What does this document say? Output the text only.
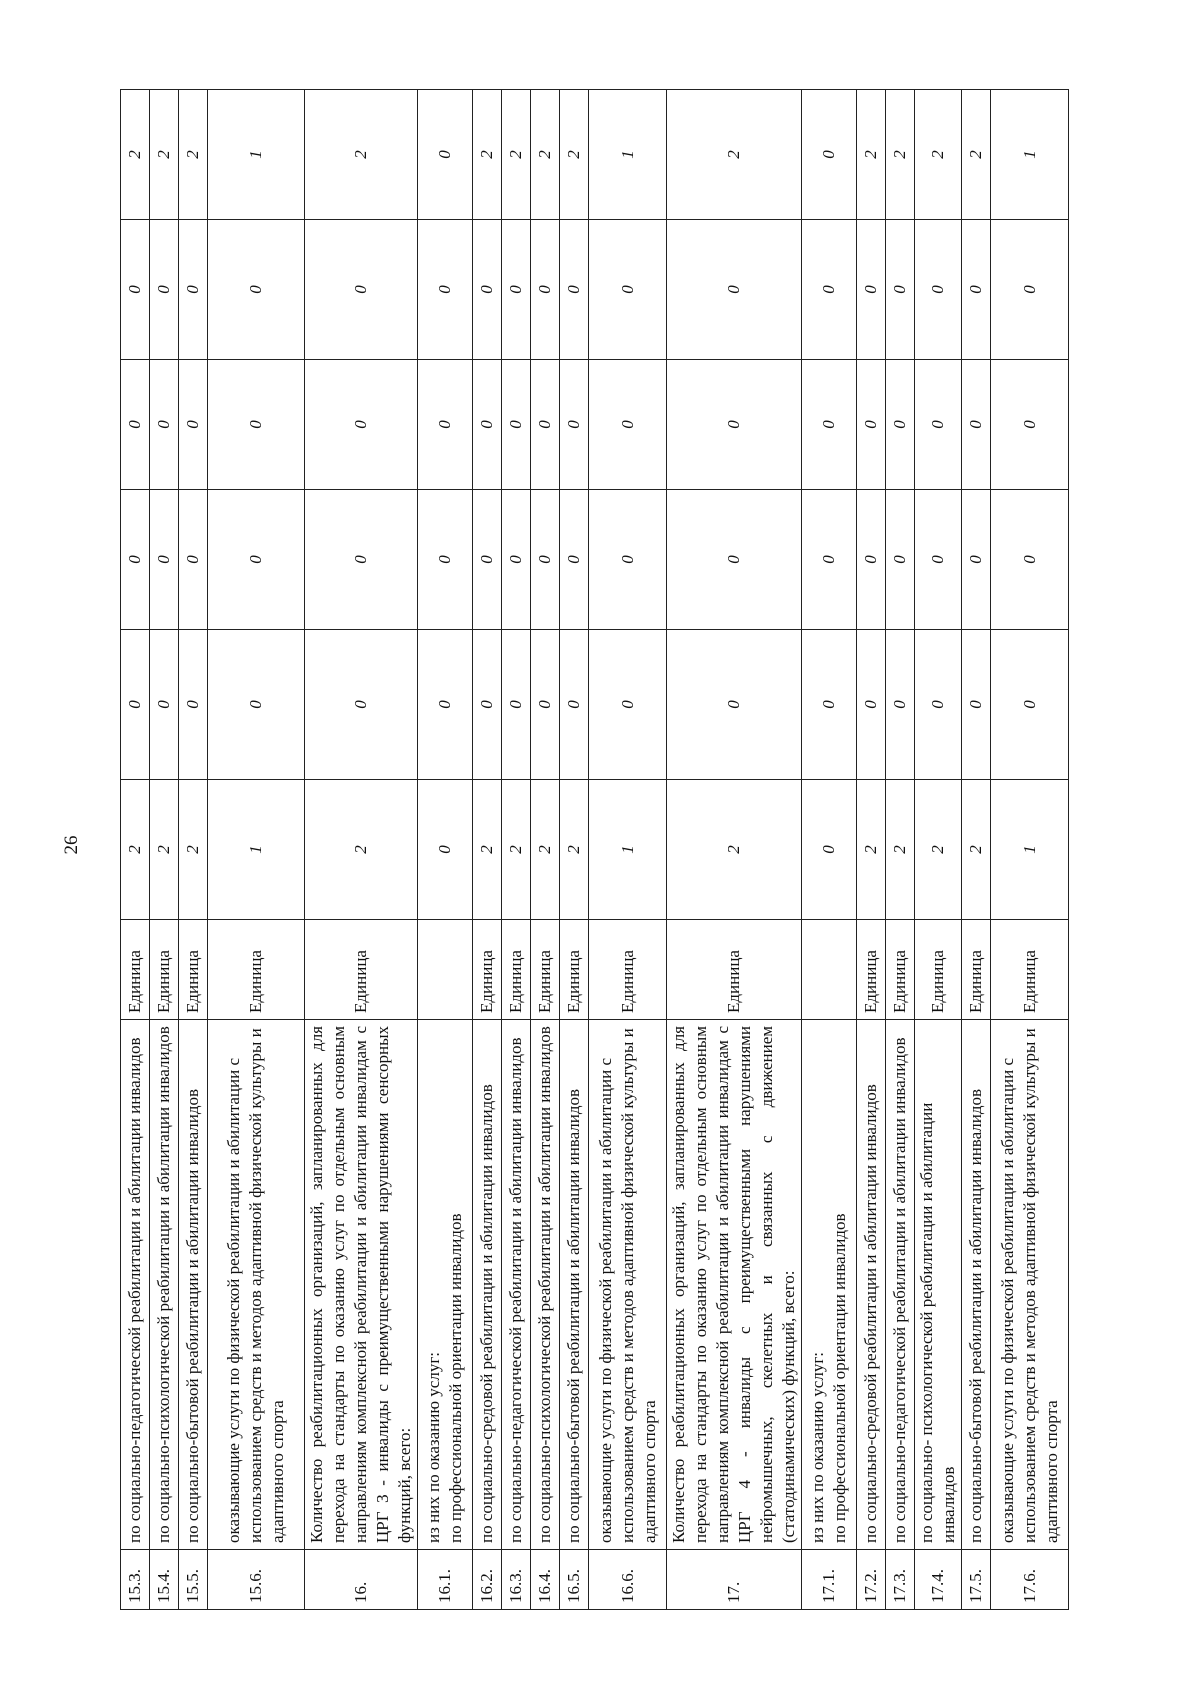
26
15.3.	по социально-педагогической реабилитации и абилитации инвалидов	Единица	2	0	0	0	0	2
15.4.	по социально-психологической реабилитации и абилитации инвалидов	Единица	2	0	0	0	0	2
15.5.	по социально-бытовой реабилитации и абилитации инвалидов	Единица	2	0	0	0	0	2
15.6.	оказывающие услуги по физической реабилитации и абилитации с использованием средств и методов адаптивной физической культуры и адаптивного спорта	Единица	1	0	0	0	0	1
16.	Количество реабилитационных организаций, запланированных для перехода на стандарты по оказанию услуг по отдельным основным направлениям комплексной реабилитации и абилитации инвалидам с ЦРГ 3 - инвалиды с преимущественными нарушениями сенсорных функций, всего:	Единица	2	0	0	0	0	2
16.1.	из них по оказанию услуг: по профессиональной ориентации инвалидов		0	0	0	0	0	0
16.2.	по социально-средовой реабилитации и абилитации инвалидов	Единица	2	0	0	0	0	2
16.3.	по социально-педагогической реабилитации и абилитации инвалидов	Единица	2	0	0	0	0	2
16.4.	по социально-психологической реабилитации и абилитации инвалидов	Единица	2	0	0	0	0	2
16.5.	по социально-бытовой реабилитации и абилитации инвалидов	Единица	2	0	0	0	0	2
16.6.	оказывающие услуги по физической реабилитации и абилитации с использованием средств и методов адаптивной физической культуры и адаптивного спорта	Единица	1	0	0	0	0	1
17.	Количество реабилитационных организаций, запланированных для перехода на стандарты по оказанию услуг по отдельным основным направлениям комплексной реабилитации и абилитации инвалидам с ЦРГ 4 - инвалиды с преимущественными нарушениями нейромышечных, скелетных и связанных с движением (статодинамических) функций, всего:	Единица	2	0	0	0	0	2
17.1.	из них по оказанию услуг: по профессиональной ориентации инвалидов		0	0	0	0	0	0
17.2.	по социально-средовой реабилитации и абилитации инвалидов	Единица	2	0	0	0	0	2
17.3.	по социально-педагогической реабилитации и абилитации инвалидов	Единица	2	0	0	0	0	2
17.4.	по социально- психологической реабилитации и абилитации инвалидов	Единица	2	0	0	0	0	2
17.5.	по социально-бытовой реабилитации и абилитации инвалидов	Единица	2	0	0	0	0	2
17.6.	оказывающие услуги по физической реабилитации и абилитации с использованием средств и методов адаптивной физической культуры и адаптивного спорта	Единица	1	0	0	0	0	1
